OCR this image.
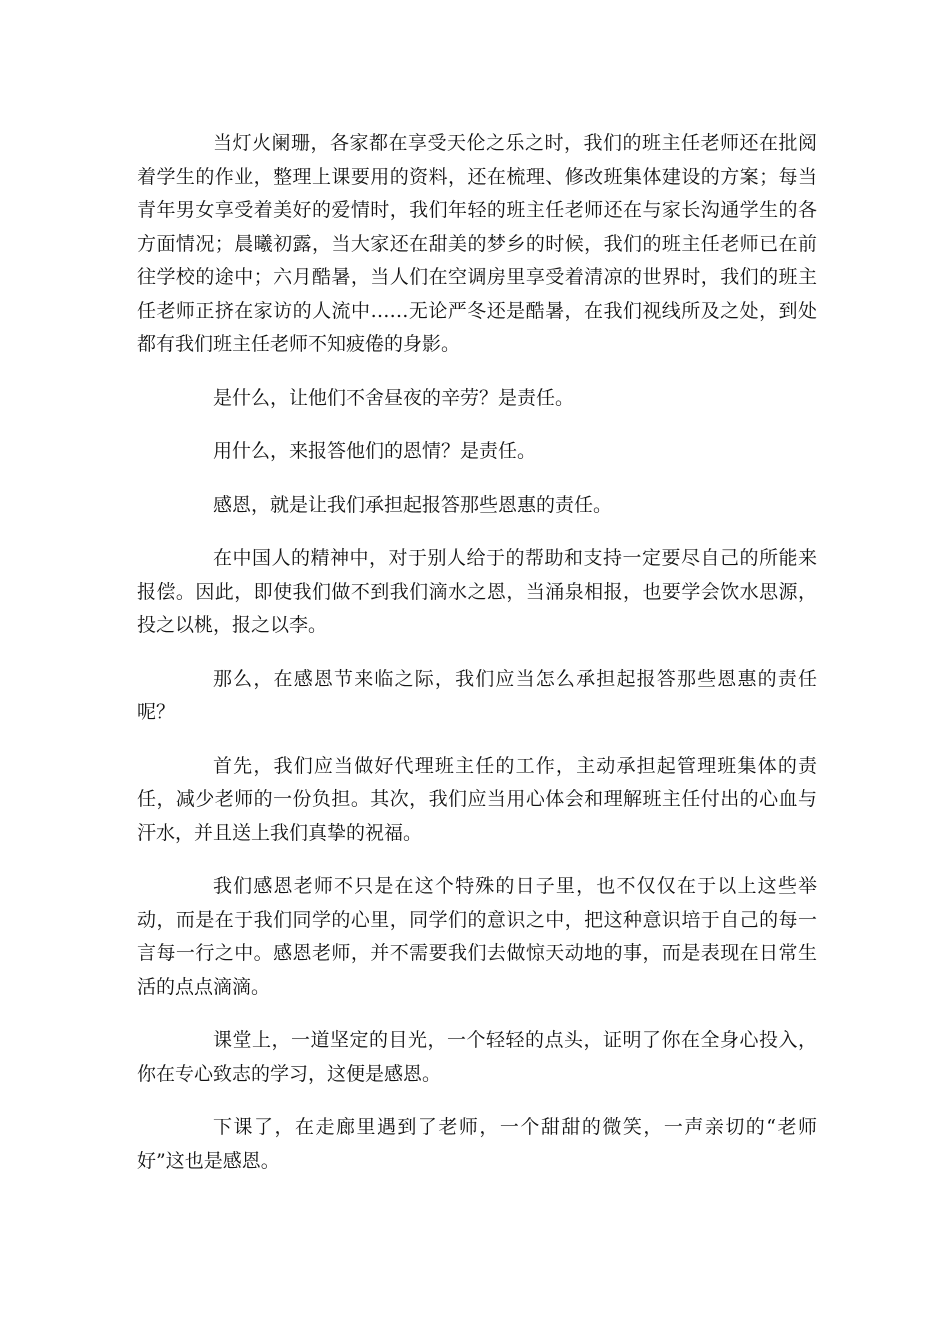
当灯火阑珊，各家都在享受天伦之乐之时，我们的班主任老师还在批阅着学生的作业，整理上课要用的资料，还在梳理、修改班集体建设的方案；每当青年男女享受着美好的爱情时，我们年轻的班主任老师还在与家长沟通学生的各方面情况；晨曦初露，当大家还在甜美的梦乡的时候，我们的班主任老师已在前往学校的途中；六月酷暑，当人们在空调房里享受着清凉的世界时，我们的班主任老师正挤在家访的人流中……无论严冬还是酷暑，在我们视线所及之处，到处都有我们班主任老师不知疲倦的身影。

是什么，让他们不舍昼夜的辛劳？是责任。

用什么，来报答他们的恩情？是责任。

感恩，就是让我们承担起报答那些恩惠的责任。

在中国人的精神中，对于别人给于的帮助和支持一定要尽自己的所能来报偿。因此，即使我们做不到我们滴水之恩，当涌泉相报，也要学会饮水思源，投之以桃，报之以李。

那么，在感恩节来临之际，我们应当怎么承担起报答那些恩惠的责任呢？

首先，我们应当做好代理班主任的工作，主动承担起管理班集体的责任，减少老师的一份负担。其次，我们应当用心体会和理解班主任付出的心血与汗水，并且送上我们真挚的祝福。

我们感恩老师不只是在这个特殊的日子里，也不仅仅在于以上这些举动，而是在于我们同学的心里，同学们的意识之中，把这种意识培于自己的每一言每一行之中。感恩老师，并不需要我们去做惊天动地的事，而是表现在日常生活的点点滴滴。

课堂上，一道坚定的目光，一个轻轻的点头，证明了你在全身心投入，你在专心致志的学习，这便是感恩。

下课了，在走廊里遇到了老师，一个甜甜的微笑，一声亲切的“老师好”这也是感恩。
